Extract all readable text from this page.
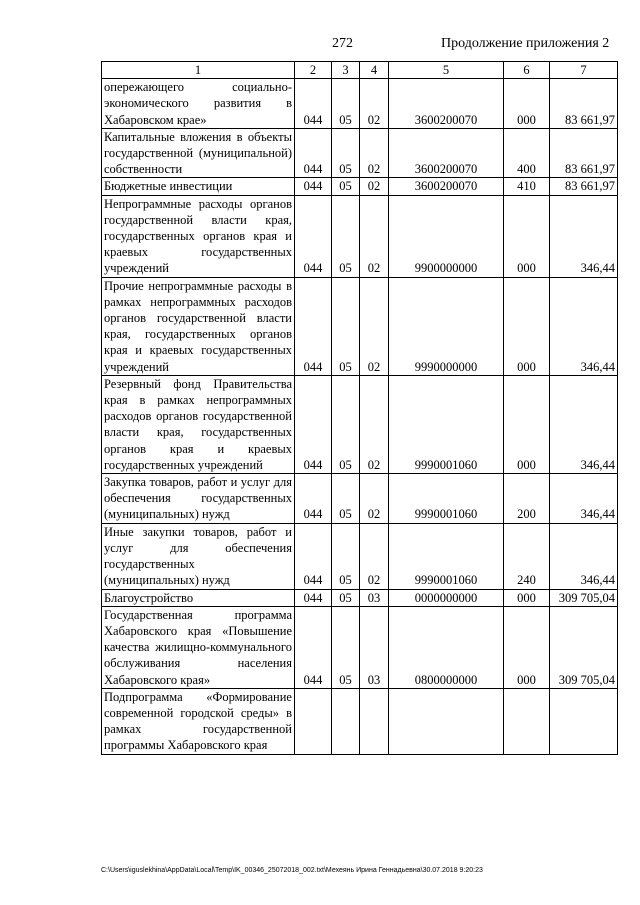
272	Продолжение приложения 2
1	2	3	4	5	6	7
опережающего социально-экономического развития в Хабаровском крае»	044	05	02	3600200070	000	83 661,97
Капитальные вложения в объекты государственной (муниципальной) собственности	044	05	02	3600200070	400	83 661,97
Бюджетные инвестиции	044	05	02	3600200070	410	83 661,97
Непрограммные расходы органов государственной власти края, государственных органов края и краевых государственных учреждений	044	05	02	9900000000	000	346,44
Прочие непрограммные расходы в рамках непрограммных расходов органов государственной власти края, государственных органов края и краевых государственных учреждений	044	05	02	9990000000	000	346,44
Резервный фонд Правительства края в рамках непрограммных расходов органов государственной власти края, государственных органов края и краевых государственных учреждений	044	05	02	9990001060	000	346,44
Закупка товаров, работ и услуг для обеспечения государственных (муниципальных) нужд	044	05	02	9990001060	200	346,44
Иные закупки товаров, работ и услуг для обеспечения государственных (муниципальных) нужд	044	05	02	9990001060	240	346,44
Благоустройство	044	05	03	0000000000	000	309 705,04
Государственная программа Хабаровского края «Повышение качества жилищно-коммунального обслуживания населения Хабаровского края»	044	05	03	0800000000	000	309 705,04
Подпрограмма «Формирование современной городской среды» в рамках государственной программы Хабаровского края						
C:\Users\iguslekhina\AppData\Local\Temp\IK_00346_25072018_002.txt\Мехеянь Ирина Геннадьевна\30.07.2018 9:20:23
